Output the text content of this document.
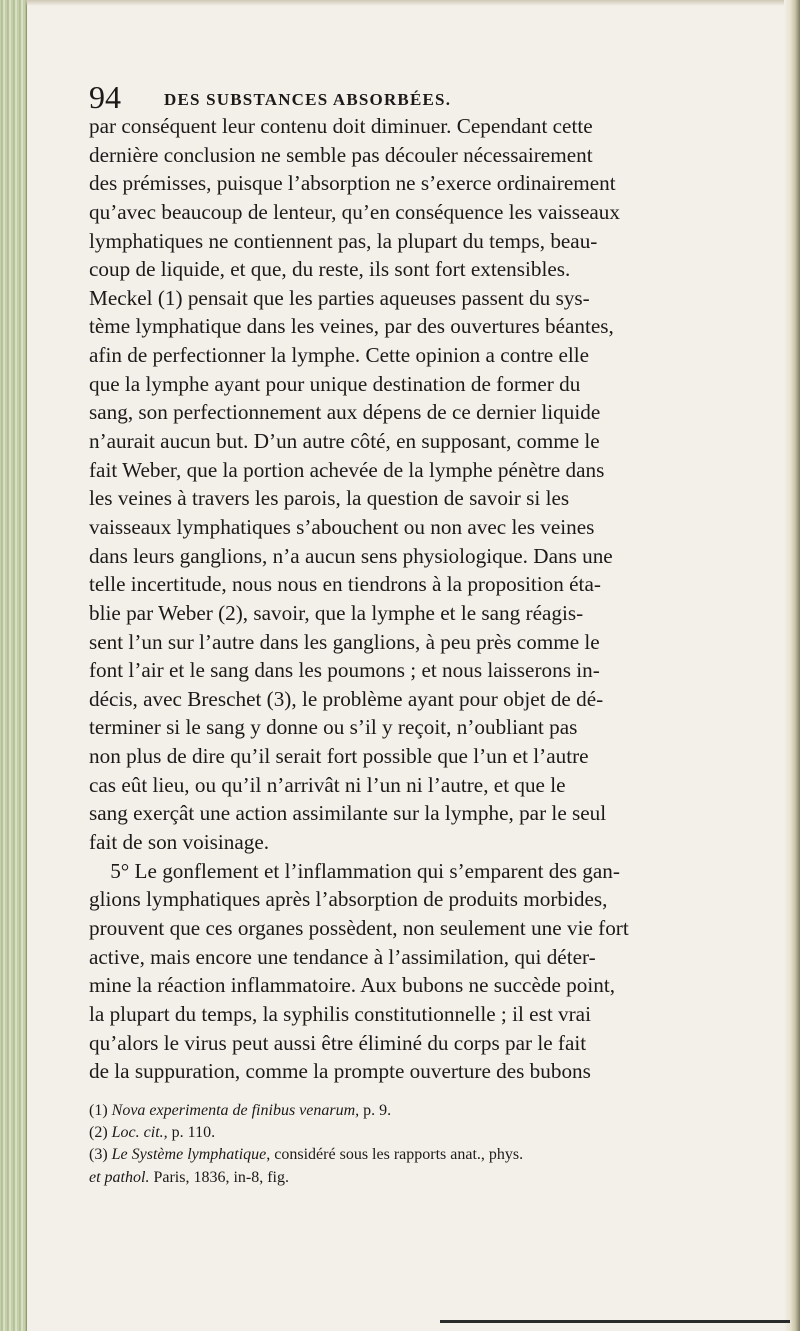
94	DES SUBSTANCES ABSORBÉES.
par conséquent leur contenu doit diminuer. Cependant cette
dernière conclusion ne semble pas découler nécessairement
des prémisses, puisque l’absorption ne s’exerce ordinairement
qu’avec beaucoup de lenteur, qu’en conséquence les vaisseaux
lymphatiques ne contiennent pas, la plupart du temps, beau-
coup de liquide, et que, du reste, ils sont fort extensibles.
Meckel (1) pensait que les parties aqueuses passent du sys-
tème lymphatique dans les veines, par des ouvertures béantes,
afin de perfectionner la lymphe. Cette opinion a contre elle
que la lymphe ayant pour unique destination de former du
sang, son perfectionnement aux dépens de ce dernier liquide
n’aurait aucun but. D’un autre côté, en supposant, comme le
fait Weber, que la portion achevée de la lymphe pénètre dans
les veines à travers les parois, la question de savoir si les
vaisseaux lymphatiques s’abouchent ou non avec les veines
dans leurs ganglions, n’a aucun sens physiologique. Dans une
telle incertitude, nous nous en tiendrons à la proposition éta-
blie par Weber (2), savoir, que la lymphe et le sang réagis-
sent l’un sur l’autre dans les ganglions, à peu près comme le
font l’air et le sang dans les poumons ; et nous laisserons in-
décis, avec Breschet (3), le problème ayant pour objet de dé-
terminer si le sang y donne ou s’il y reçoit, n’oubliant pas
non plus de dire qu’il serait fort possible que l’un et l’autre
cas eût lieu, ou qu’il n’arrivât ni l’un ni l’autre, et que le
sang exerçât une action assimilante sur la lymphe, par le seul
fait de son voisinage.
5° Le gonflement et l’inflammation qui s’emparent des gan-
glions lymphatiques après l’absorption de produits morbides,
prouvent que ces organes possèdent, non seulement une vie fort
active, mais encore une tendance à l’assimilation, qui déter-
mine la réaction inflammatoire. Aux bubons ne succède point,
la plupart du temps, la syphilis constitutionnelle ; il est vrai
qu’alors le virus peut aussi être éliminé du corps par le fait
de la suppuration, comme la prompte ouverture des bubons
(1) Nova experimenta de finibus venarum, p. 9.
(2) Loc. cit., p. 110.
(3) Le Système lymphatique, considéré sous les rapports anat., phys.
et pathol. Paris, 1836, in-8, fig.
